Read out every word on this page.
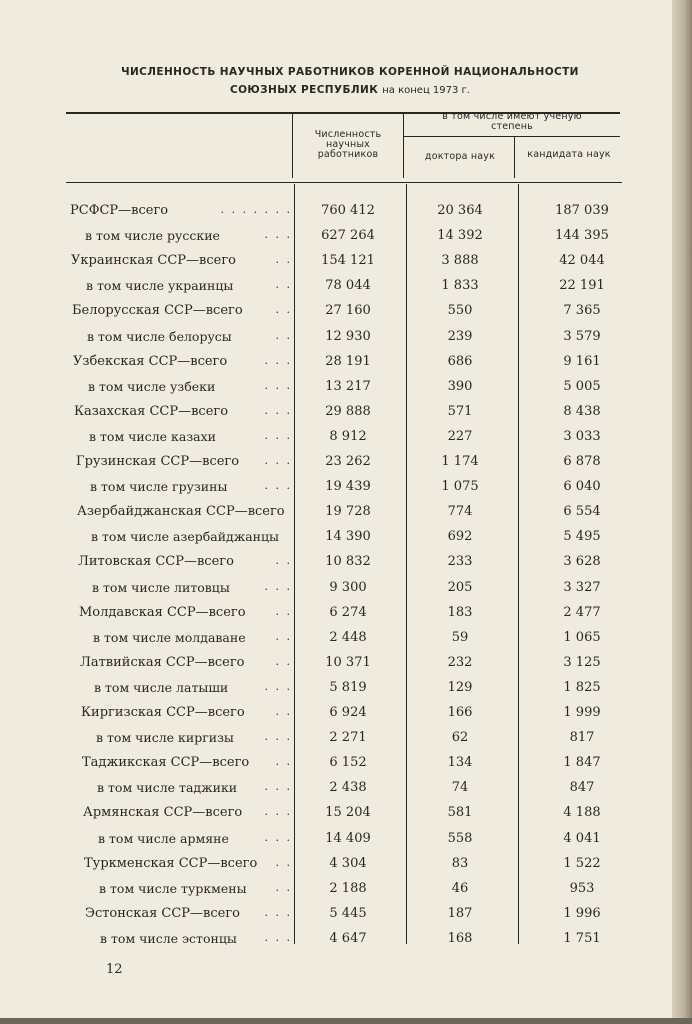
ЧИСЛЕННОСТЬ НАУЧНЫХ РАБОТНИКОВ КОРЕННОЙ НАЦИОНАЛЬНОСТИ
СОЮЗНЫХ РЕСПУБЛИК на конец 1973 г.
Численность научных работников
в том числе имеют ученую степень
доктора наук	кандидата наук
РСФСР—всего	. . . . . . .	760 412	20 364	187 039
в том числе русские	. . .	627 264	14 392	144 395
Украинская ССР—всего	. .	154 121	3 888	42 044
в том числе украинцы	. .	78 044	1 833	22 191
Белорусская ССР—всего	. .	27 160	550	7 365
в том числе белорусы	. .	12 930	239	3 579
Узбекская ССР—всего	. . .	28 191	686	9 161
в том числе узбеки	. . .	13 217	390	5 005
Казахская ССР—всего	. . .	29 888	571	8 438
в том числе казахи	. . .	8 912	227	3 033
Грузинская ССР—всего . . .	23 262	1 174	6 878
в том числе грузины	. . .	19 439	1 075	6 040
Азербайджанская ССР—всего	19 728	774	6 554
в том числе азербайджанцы	14 390	692	5 495
Литовская ССР—всего	. .	10 832	233	3 628
в том числе литовцы	. . .	9 300	205	3 327
Молдавская ССР—всего	. .	6 274	183	2 477
в том числе молдаване	. .	2 448	59	1 065
Латвийская ССР—всего	. .	10 371	232	3 125
в том числе латыши	. . .	5 819	129	1 825
Киргизская ССР—всего	. .	6 924	166	1 999
в том числе киргизы	. . .	2 271	62	817
Таджикская ССР—всего . .	6 152	134	1 847
в том числе таджики . . .	2 438	74	847
Армянская ССР—всего . . .	15 204	581	4 188
в том числе армяне	. . .	14 409	558	4 041
Туркменская ССР—всего . .	4 304	83	1 522
в том числе туркмены	. .	2 188	46	953
Эстонская ССР—всего . . .	5 445	187	1 996
в том числе эстонцы	. . .	4 647	168	1 751
12
